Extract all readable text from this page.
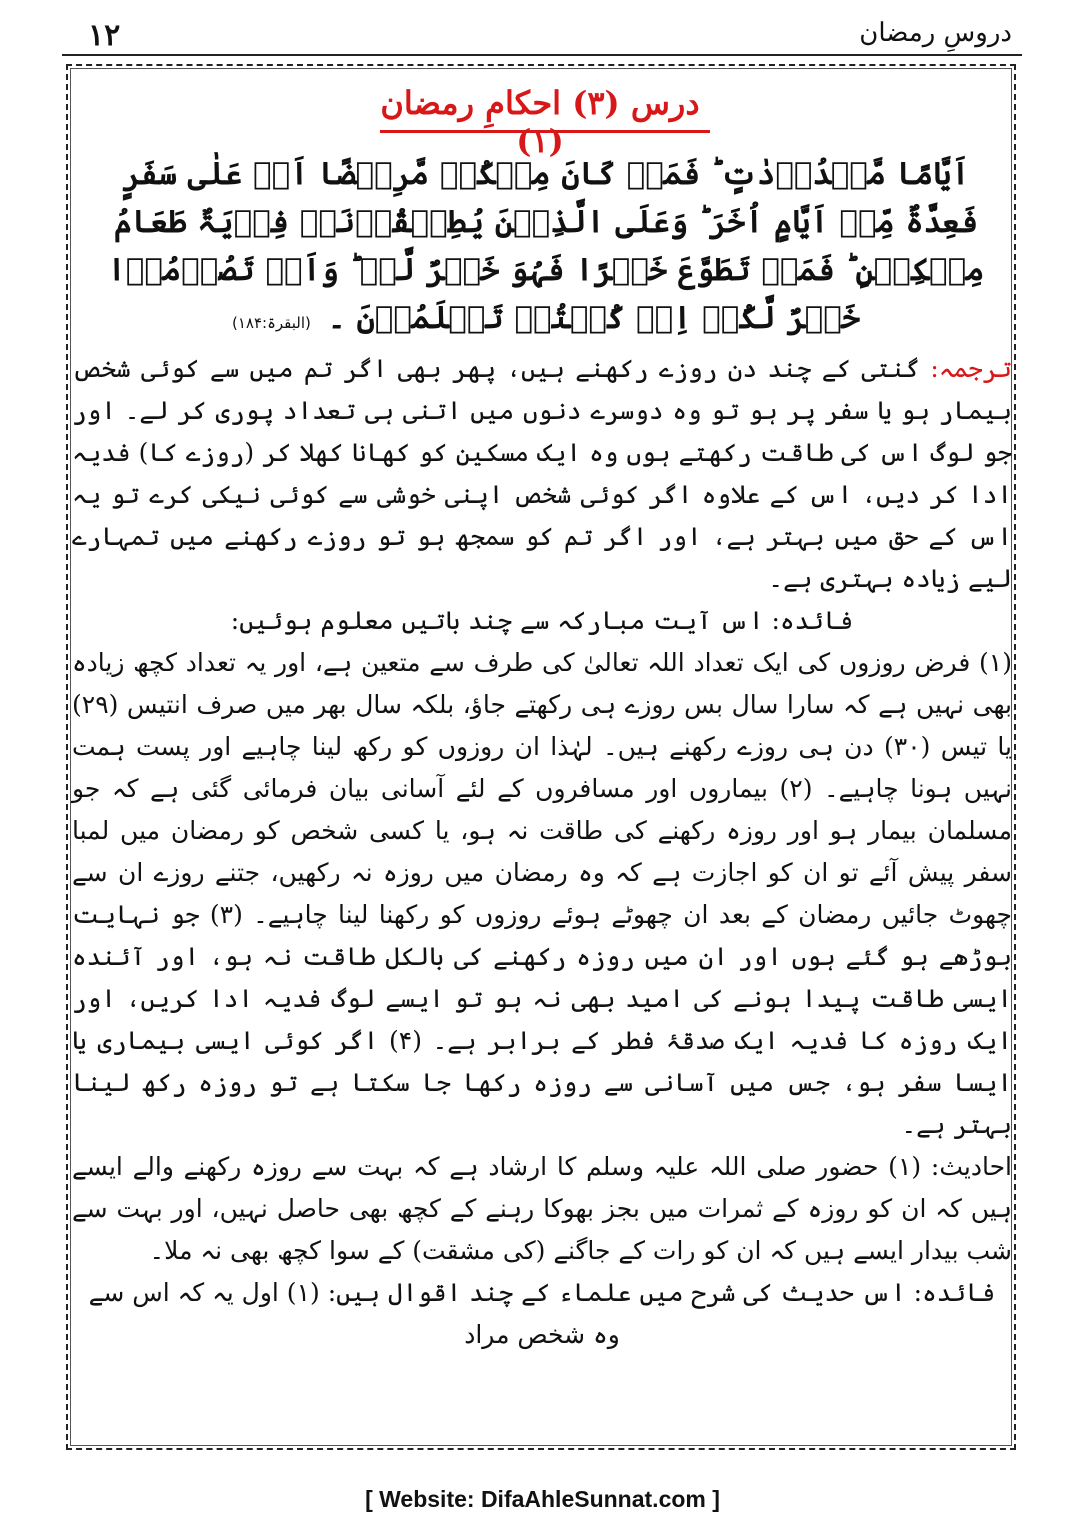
۱۲	دروسِ رمضان
درس (۳) احکامِ رمضان (۱)
اَیَّامًا مَّعۡدُوۡدٰتٍ ؕ فَمَنۡ کَانَ مِنۡکُمۡ مَّرِیۡضًا اَوۡ عَلٰی سَفَرٍ فَعِدَّۃٌ مِّنۡ اَیَّامٍ اُخَرَ ؕ وَعَلَی الَّذِیۡنَ یُطِیۡقُوۡنَہٗ فِدۡیَۃٌ طَعَامُ مِسۡکِیۡنٍ ؕ فَمَنۡ تَطَوَّعَ خَیۡرًا فَہُوَ خَیۡرٌ لَّہٗ ؕ وَاَنۡ تَصُوۡمُوۡا خَیۡرٌ لَّکُمۡ اِنۡ کُنۡتُمۡ تَعۡلَمُوۡنَ ۔ (البقرۃ:۱۸۴)

ترجمہ: گنتی کے چند دن روزے رکھنے ہیں، پھر بھی اگر تم میں سے کوئی شخص بیمار ہو یا سفر پر ہو تو وہ دوسرے دنوں میں اتنی ہی تعداد پوری کر لے۔ اور جو لوگ اس کی طاقت رکھتے ہوں وہ ایک مسکین کو کھانا کھلا کر (روزے کا) فدیہ ادا کر دیں، اس کے علاوہ اگر کوئی شخص اپنی خوشی سے کوئی نیکی کرے تو یہ اس کے حق میں بہتر ہے، اور اگر تم کو سمجھ ہو تو روزے رکھنے میں تمہارے لیے زیادہ بہتری ہے۔

فائدہ: اس آیت مبارکہ سے چند باتیں معلوم ہوئیں:

(۱) فرض روزوں کی ایک تعداد اللہ تعالیٰ کی طرف سے متعین ہے، اور یہ تعداد کچھ زیادہ بھی نہیں ہے کہ سارا سال بس روزے ہی رکھتے جاؤ، بلکہ سال بھر میں صرف انتیس (۲۹) یا تیس (۳۰) دن ہی روزے رکھنے ہیں۔ لہٰذا ان روزوں کو رکھ لینا چاہیے اور پست ہمت نہیں ہونا چاہیے۔ (۲) بیماروں اور مسافروں کے لئے آسانی بیان فرمائی گئی ہے کہ جو مسلمان بیمار ہو اور روزہ رکھنے کی طاقت نہ ہو، یا کسی شخص کو رمضان میں لمبا سفر پیش آئے تو ان کو اجازت ہے کہ وہ رمضان میں روزہ نہ رکھیں، جتنے روزے ان سے چھوٹ جائیں رمضان کے بعد ان چھوٹے ہوئے روزوں کو رکھنا لینا چاہیے۔ (۳) جو نہایت بوڑھے ہو گئے ہوں اور ان میں روزہ رکھنے کی بالکل طاقت نہ ہو، اور آئندہ ایسی طاقت پیدا ہونے کی امید بھی نہ ہو تو ایسے لوگ فدیہ ادا کریں، اور ایک روزہ کا فدیہ ایک صدقۂ فطر کے برابر ہے۔ (۴) اگر کوئی ایسی بیماری یا ایسا سفر ہو، جس میں آسانی سے روزہ رکھا جا سکتا ہے تو روزہ رکھ لینا بہتر ہے۔

احادیث: (۱) حضور صلی اللہ علیہ وسلم کا ارشاد ہے کہ بہت سے روزہ رکھنے والے ایسے ہیں کہ ان کو روزہ کے ثمرات میں بجز بھوکا رہنے کے کچھ بھی حاصل نہیں، اور بہت سے شب بیدار ایسے ہیں کہ ان کو رات کے جاگنے (کی مشقت) کے سوا کچھ بھی نہ ملا۔

فائدہ: اس حدیث کی شرح میں علماء کے چند اقوال ہیں: (۱) اول یہ کہ اس سے وہ شخص مراد

[ Website: DifaAhleSunnat.com ]
